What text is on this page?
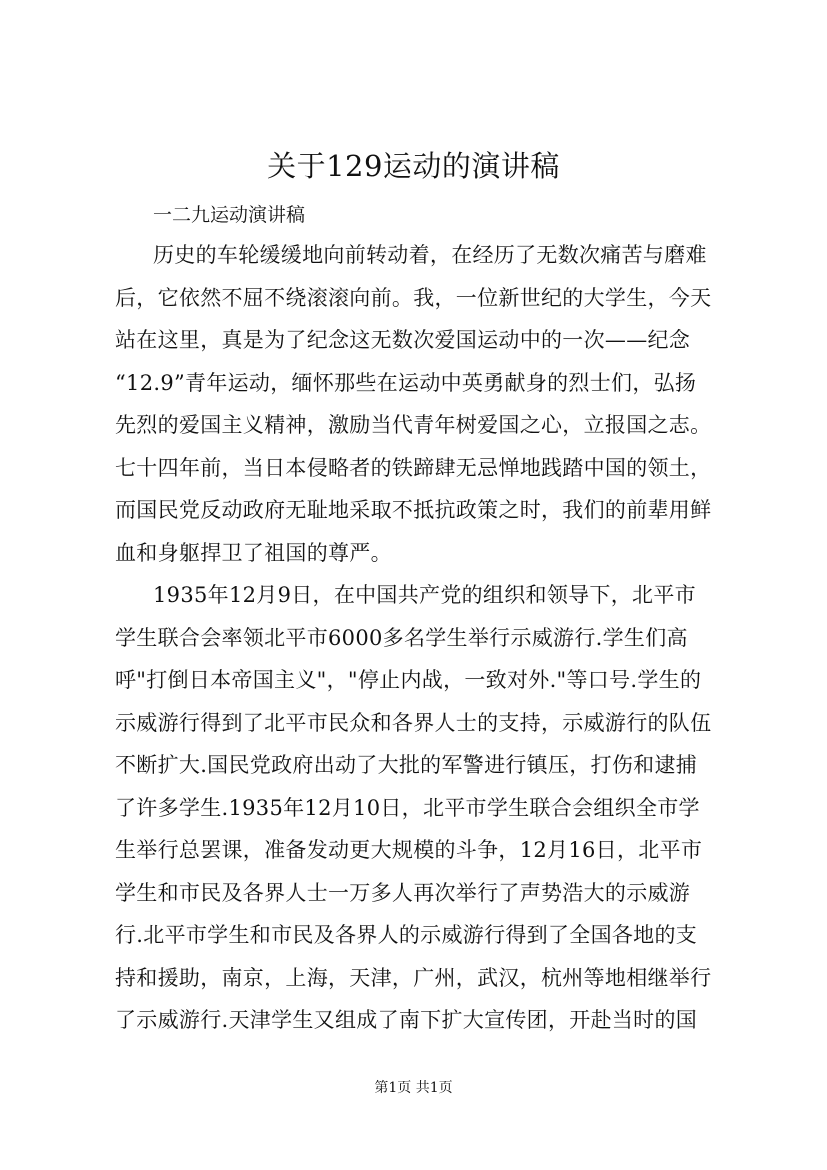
关于129运动的演讲稿

一二九运动演讲稿

历史的车轮缓缓地向前转动着，在经历了无数次痛苦与磨难

后，它依然不屈不绕滚滚向前。我，一位新世纪的大学生，今天

站在这里，真是为了纪念这无数次爱国运动中的一次——纪念

“12.9”青年运动，缅怀那些在运动中英勇献身的烈士们，弘扬

先烈的爱国主义精神，激励当代青年树爱国之心，立报国之志。

七十四年前，当日本侵略者的铁蹄肆无忌惮地践踏中国的领土，

而国民党反动政府无耻地采取不抵抗政策之时，我们的前辈用鲜

血和身躯捍卫了祖国的尊严。

1935年12月9日，在中国共产党的组织和领导下，北平市

学生联合会率领北平市6000多名学生举行示威游行.学生们高

呼"打倒日本帝国主义"，"停止内战，一致对外."等口号.学生的

示威游行得到了北平市民众和各界人士的支持，示威游行的队伍

不断扩大.国民党政府出动了大批的军警进行镇压，打伤和逮捕

了许多学生.1935年12月10日，北平市学生联合会组织全市学

生举行总罢课，准备发动更大规模的斗争，12月16日，北平市

学生和市民及各界人士一万多人再次举行了声势浩大的示威游

行.北平市学生和市民及各界人的示威游行得到了全国各地的支

持和援助，南京，上海，天津，广州，武汉，杭州等地相继举行

了示威游行.天津学生又组成了南下扩大宣传团，开赴当时的国

第1页 共1页
